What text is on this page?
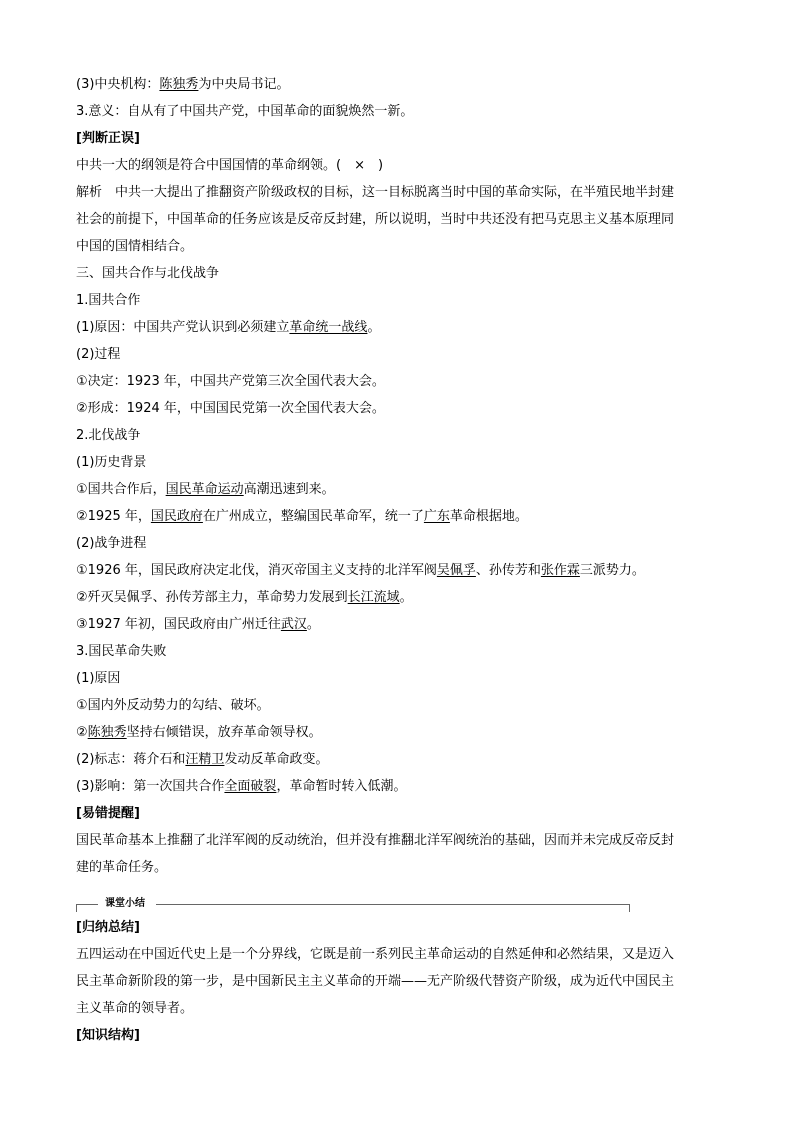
(3)中央机构：陈独秀为中央局书记。
3.意义：自从有了中国共产党，中国革命的面貌焕然一新。
[判断正误]
中共一大的纲领是符合中国国情的革命纲领。(　×　)
解析　中共一大提出了推翻资产阶级政权的目标，这一目标脱离当时中国的革命实际，在半殖民地半封建
社会的前提下，中国革命的任务应该是反帝反封建，所以说明，当时中共还没有把马克思主义基本原理同
中国的国情相结合。
三、国共合作与北伐战争
1.国共合作
(1)原因：中国共产党认识到必须建立革命统一战线。
(2)过程
①决定：1923 年，中国共产党第三次全国代表大会。
②形成：1924 年，中国国民党第一次全国代表大会。
2.北伐战争
(1)历史背景
①国共合作后，国民革命运动高潮迅速到来。
②1925 年，国民政府在广州成立，整编国民革命军，统一了广东革命根据地。
(2)战争进程
①1926 年，国民政府决定北伐，消灭帝国主义支持的北洋军阀吴佩孚、孙传芳和张作霖三派势力。
②歼灭吴佩孚、孙传芳部主力，革命势力发展到长江流域。
③1927 年初，国民政府由广州迁往武汉。
3.国民革命失败
(1)原因
①国内外反动势力的勾结、破坏。
②陈独秀坚持右倾错误，放弃革命领导权。
(2)标志：蒋介石和汪精卫发动反革命政变。
(3)影响：第一次国共合作全面破裂，革命暂时转入低潮。
[易错提醒]
国民革命基本上推翻了北洋军阀的反动统治，但并没有推翻北洋军阀统治的基础，因而并未完成反帝反封
建的革命任务。
[归纳总结]
五四运动在中国近代史上是一个分界线，它既是前一系列民主革命运动的自然延伸和必然结果，又是迈入
民主革命新阶段的第一步，是中国新民主主义革命的开端——无产阶级代替资产阶级，成为近代中国民主
主义革命的领导者。
[知识结构]
课堂小结
